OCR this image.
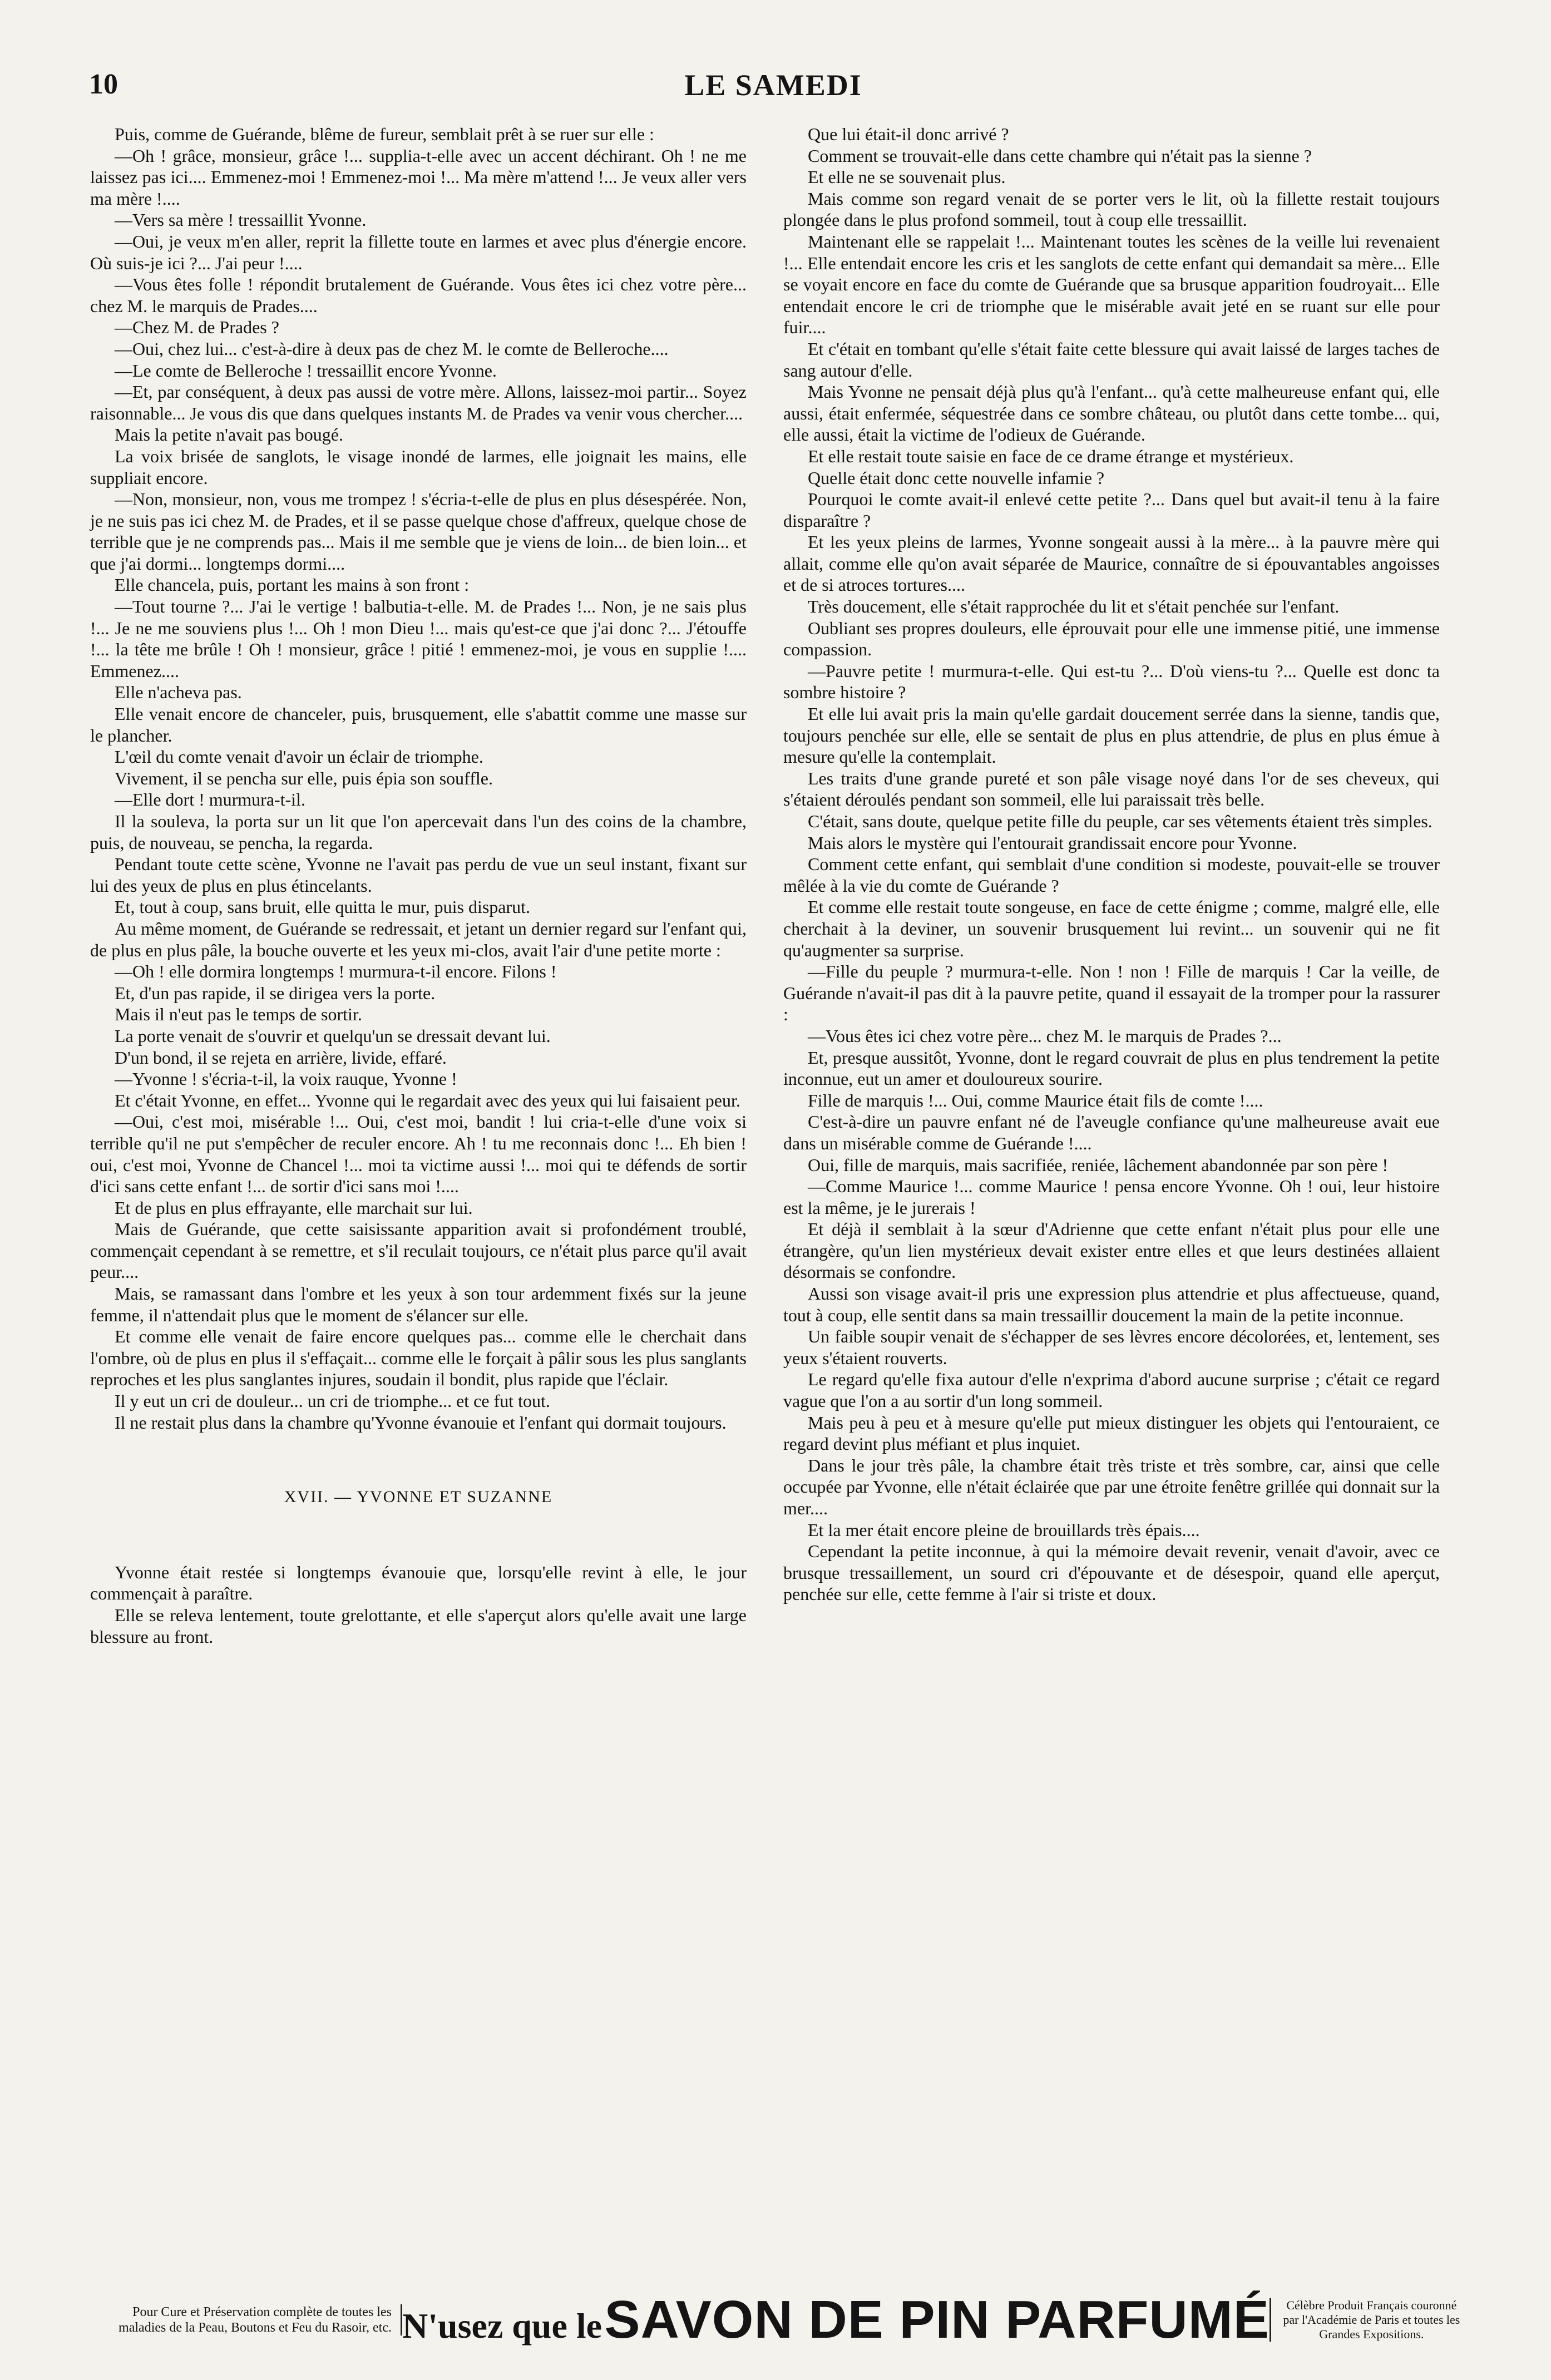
10	LE SAMEDI

Puis, comme de Guérande, blême de fureur, semblait prêt à se ruer sur elle :

—Oh ! grâce, monsieur, grâce !... supplia-t-elle avec un accent déchirant. Oh ! ne me laissez pas ici.... Emmenez-moi ! Emmenez-moi !... Ma mère m'attend !... Je veux aller vers ma mère !....

—Vers sa mère ! tressaillit Yvonne.

—Oui, je veux m'en aller, reprit la fillette toute en larmes et avec plus d'énergie encore. Où suis-je ici ?... J'ai peur !....

—Vous êtes folle ! répondit brutalement de Guérande. Vous êtes ici chez votre père... chez M. le marquis de Prades....

—Chez M. de Prades ?

—Oui, chez lui... c'est-à-dire à deux pas de chez M. le comte de Belleroche....

—Le comte de Belleroche ! tressaillit encore Yvonne.

—Et, par conséquent, à deux pas aussi de votre mère. Allons, laissez-moi partir... Soyez raisonnable... Je vous dis que dans quelques instants M. de Prades va venir vous chercher....

Mais la petite n'avait pas bougé.

La voix brisée de sanglots, le visage inondé de larmes, elle joignait les mains, elle suppliait encore.

—Non, monsieur, non, vous me trompez ! s'écria-t-elle de plus en plus désespérée. Non, je ne suis pas ici chez M. de Prades, et il se passe quelque chose d'affreux, quelque chose de terrible que je ne comprends pas... Mais il me semble que je viens de loin... de bien loin... et que j'ai dormi... longtemps dormi....

Elle chancela, puis, portant les mains à son front :

—Tout tourne ?... J'ai le vertige ! balbutia-t-elle. M. de Prades !... Non, je ne sais plus !... Je ne me souviens plus !... Oh ! mon Dieu !... mais qu'est-ce que j'ai donc ?... J'étouffe !... la tête me brûle ! Oh ! monsieur, grâce ! pitié ! emmenez-moi, je vous en supplie !.... Emmenez....

Elle n'acheva pas.

Elle venait encore de chanceler, puis, brusquement, elle s'abattit comme une masse sur le plancher.

L'œil du comte venait d'avoir un éclair de triomphe.

Vivement, il se pencha sur elle, puis épia son souffle.

—Elle dort ! murmura-t-il.

Il la souleva, la porta sur un lit que l'on apercevait dans l'un des coins de la chambre, puis, de nouveau, se pencha, la regarda.

Pendant toute cette scène, Yvonne ne l'avait pas perdu de vue un seul instant, fixant sur lui des yeux de plus en plus étincelants.

Et, tout à coup, sans bruit, elle quitta le mur, puis disparut.

Au même moment, de Guérande se redressait, et jetant un dernier regard sur l'enfant qui, de plus en plus pâle, la bouche ouverte et les yeux mi-clos, avait l'air d'une petite morte :

—Oh ! elle dormira longtemps ! murmura-t-il encore. Filons !

Et, d'un pas rapide, il se dirigea vers la porte.

Mais il n'eut pas le temps de sortir.

La porte venait de s'ouvrir et quelqu'un se dressait devant lui.

D'un bond, il se rejeta en arrière, livide, effaré.

—Yvonne ! s'écria-t-il, la voix rauque, Yvonne !

Et c'était Yvonne, en effet... Yvonne qui le regardait avec des yeux qui lui faisaient peur.

—Oui, c'est moi, misérable !... Oui, c'est moi, bandit ! lui cria-t-elle d'une voix si terrible qu'il ne put s'empêcher de reculer encore. Ah ! tu me reconnais donc !... Eh bien ! oui, c'est moi, Yvonne de Chancel !... moi ta victime aussi !... moi qui te défends de sortir d'ici sans cette enfant !... de sortir d'ici sans moi !....

Et de plus en plus effrayante, elle marchait sur lui.

Mais de Guérande, que cette saisissante apparition avait si profondément troublé, commençait cependant à se remettre, et s'il reculait toujours, ce n'était plus parce qu'il avait peur....

Mais, se ramassant dans l'ombre et les yeux à son tour ardemment fixés sur la jeune femme, il n'attendait plus que le moment de s'élancer sur elle.

Et comme elle venait de faire encore quelques pas... comme elle le cherchait dans l'ombre, où de plus en plus il s'effaçait... comme elle le forçait à pâlir sous les plus sanglants reproches et les plus sanglantes injures, soudain il bondit, plus rapide que l'éclair.

Il y eut un cri de douleur... un cri de triomphe... et ce fut tout.

Il ne restait plus dans la chambre qu'Yvonne évanouie et l'enfant qui dormait toujours.

XVII. — YVONNE ET SUZANNE

Yvonne était restée si longtemps évanouie que, lorsqu'elle revint à elle, le jour commençait à paraître.

Elle se releva lentement, toute grelottante, et elle s'aperçut alors qu'elle avait une large blessure au front.

Que lui était-il donc arrivé ?

Comment se trouvait-elle dans cette chambre qui n'était pas la sienne ?

Et elle ne se souvenait plus.

Mais comme son regard venait de se porter vers le lit, où la fillette restait toujours plongée dans le plus profond sommeil, tout à coup elle tressaillit.

Maintenant elle se rappelait !... Maintenant toutes les scènes de la veille lui revenaient !... Elle entendait encore les cris et les sanglots de cette enfant qui demandait sa mère... Elle se voyait encore en face du comte de Guérande que sa brusque apparition foudroyait... Elle entendait encore le cri de triomphe que le misérable avait jeté en se ruant sur elle pour fuir....

Et c'était en tombant qu'elle s'était faite cette blessure qui avait laissé de larges taches de sang autour d'elle.

Mais Yvonne ne pensait déjà plus qu'à l'enfant... qu'à cette malheureuse enfant qui, elle aussi, était enfermée, séquestrée dans ce sombre château, ou plutôt dans cette tombe... qui, elle aussi, était la victime de l'odieux de Guérande.

Et elle restait toute saisie en face de ce drame étrange et mystérieux.

Quelle était donc cette nouvelle infamie ?

Pourquoi le comte avait-il enlevé cette petite ?... Dans quel but avait-il tenu à la faire disparaître ?

Et les yeux pleins de larmes, Yvonne songeait aussi à la mère... à la pauvre mère qui allait, comme elle qu'on avait séparée de Maurice, connaître de si épouvantables angoisses et de si atroces tortures....

Très doucement, elle s'était rapprochée du lit et s'était penchée sur l'enfant.

Oubliant ses propres douleurs, elle éprouvait pour elle une immense pitié, une immense compassion.

—Pauvre petite ! murmura-t-elle. Qui est-tu ?... D'où viens-tu ?... Quelle est donc ta sombre histoire ?

Et elle lui avait pris la main qu'elle gardait doucement serrée dans la sienne, tandis que, toujours penchée sur elle, elle se sentait de plus en plus attendrie, de plus en plus émue à mesure qu'elle la contemplait.

Les traits d'une grande pureté et son pâle visage noyé dans l'or de ses cheveux, qui s'étaient déroulés pendant son sommeil, elle lui paraissait très belle.

C'était, sans doute, quelque petite fille du peuple, car ses vêtements étaient très simples.

Mais alors le mystère qui l'entourait grandissait encore pour Yvonne.

Comment cette enfant, qui semblait d'une condition si modeste, pouvait-elle se trouver mêlée à la vie du comte de Guérande ?

Et comme elle restait toute songeuse, en face de cette énigme ; comme, malgré elle, elle cherchait à la deviner, un souvenir brusquement lui revint... un souvenir qui ne fit qu'augmenter sa surprise.

—Fille du peuple ? murmura-t-elle. Non ! non ! Fille de marquis ! Car la veille, de Guérande n'avait-il pas dit à la pauvre petite, quand il essayait de la tromper pour la rassurer :

—Vous êtes ici chez votre père... chez M. le marquis de Prades ?...

Et, presque aussitôt, Yvonne, dont le regard couvrait de plus en plus tendrement la petite inconnue, eut un amer et douloureux sourire.

Fille de marquis !... Oui, comme Maurice était fils de comte !....

C'est-à-dire un pauvre enfant né de l'aveugle confiance qu'une malheureuse avait eue dans un misérable comme de Guérande !....

Oui, fille de marquis, mais sacrifiée, reniée, lâchement abandonnée par son père !

—Comme Maurice !... comme Maurice ! pensa encore Yvonne. Oh ! oui, leur histoire est la même, je le jurerais !

Et déjà il semblait à la sœur d'Adrienne que cette enfant n'était plus pour elle une étrangère, qu'un lien mystérieux devait exister entre elles et que leurs destinées allaient désormais se confondre.

Aussi son visage avait-il pris une expression plus attendrie et plus affectueuse, quand, tout à coup, elle sentit dans sa main tressaillir doucement la main de la petite inconnue.

Un faible soupir venait de s'échapper de ses lèvres encore décolorées, et, lentement, ses yeux s'étaient rouverts.

Le regard qu'elle fixa autour d'elle n'exprima d'abord aucune surprise ; c'était ce regard vague que l'on a au sortir d'un long sommeil.

Mais peu à peu et à mesure qu'elle put mieux distinguer les objets qui l'entouraient, ce regard devint plus méfiant et plus inquiet.

Dans le jour très pâle, la chambre était très triste et très sombre, car, ainsi que celle occupée par Yvonne, elle n'était éclairée que par une étroite fenêtre grillée qui donnait sur la mer....

Et la mer était encore pleine de brouillards très épais....

Cependant la petite inconnue, à qui la mémoire devait revenir, venait d'avoir, avec ce brusque tressaillement, un sourd cri d'épouvante et de désespoir, quand elle aperçut, penchée sur elle, cette femme à l'air si triste et doux.

Pour Cure et Préservation complète de toutes les maladies de la Peau, Boutons et Feu du Rasoir, etc. N'usez que le SAVON DE PIN PARFUMÉ	Célèbre Produit Français couronné par l'Académie de Paris et toutes les Grandes Expositions.
